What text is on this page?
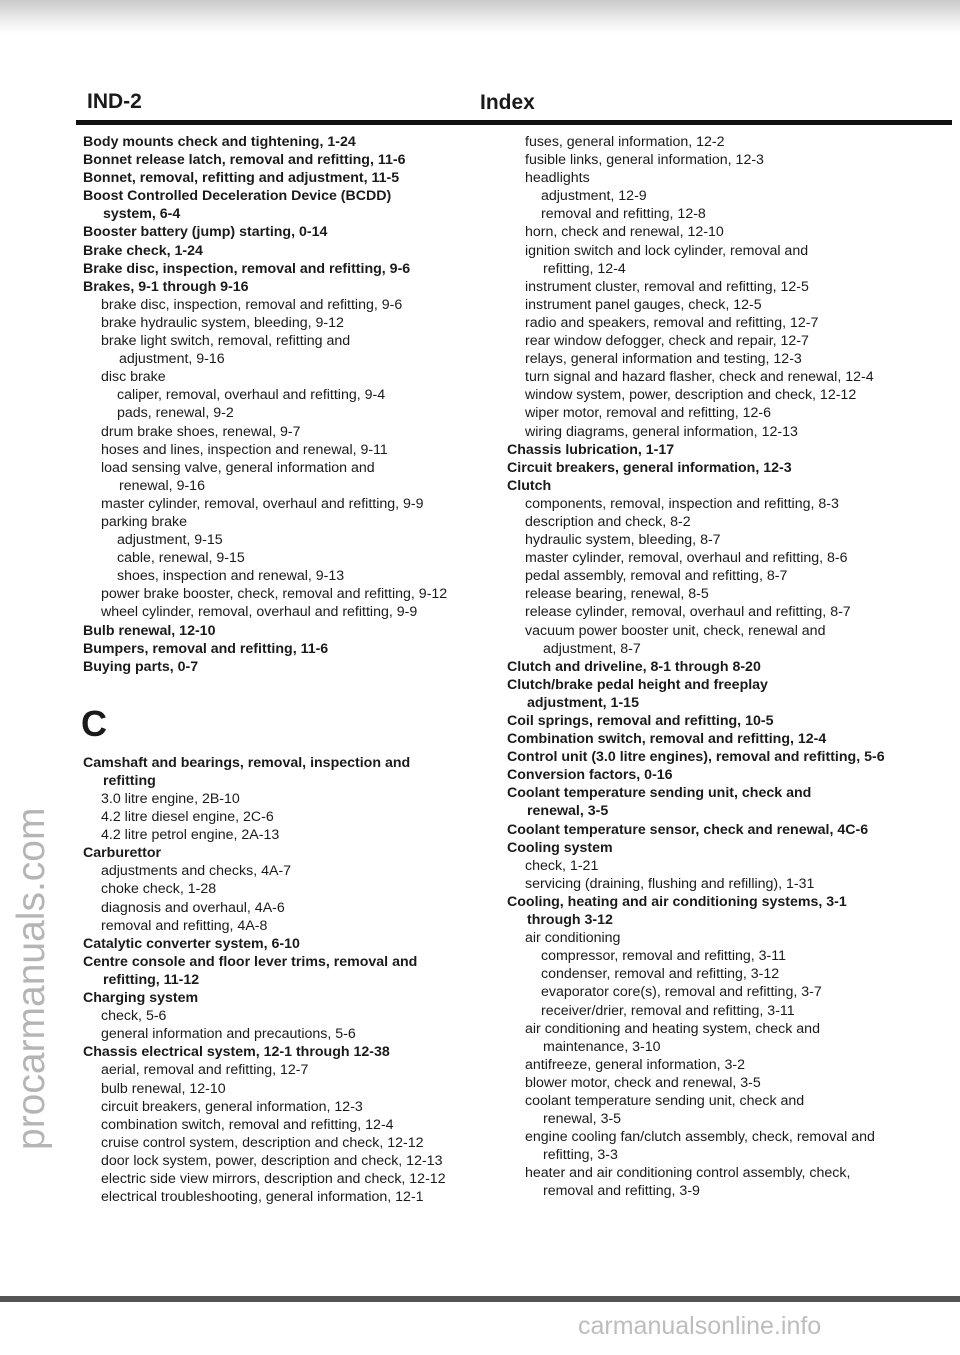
IND-2	Index
Body mounts check and tightening, 1-24
Bonnet release latch, removal and refitting, 11-6
Bonnet, removal, refitting and adjustment, 11-5
Boost Controlled Deceleration Device (BCDD)
system, 6-4
Booster battery (jump) starting, 0-14
Brake check, 1-24
Brake disc, inspection, removal and refitting, 9-6
Brakes, 9-1 through 9-16
brake disc, inspection, removal and refitting, 9-6
brake hydraulic system, bleeding, 9-12
brake light switch, removal, refitting and
adjustment, 9-16
disc brake
caliper, removal, overhaul and refitting, 9-4
pads, renewal, 9-2
drum brake shoes, renewal, 9-7
hoses and lines, inspection and renewal, 9-11
load sensing valve, general information and
renewal, 9-16
master cylinder, removal, overhaul and refitting, 9-9
parking brake
adjustment, 9-15
cable, renewal, 9-15
shoes, inspection and renewal, 9-13
power brake booster, check, removal and refitting, 9-12
wheel cylinder, removal, overhaul and refitting, 9-9
Bulb renewal, 12-10
Bumpers, removal and refitting, 11-6
Buying parts, 0-7
C
Camshaft and bearings, removal, inspection and
refitting
3.0 litre engine, 2B-10
4.2 litre diesel engine, 2C-6
4.2 litre petrol engine, 2A-13
Carburettor
adjustments and checks, 4A-7
choke check, 1-28
diagnosis and overhaul, 4A-6
removal and refitting, 4A-8
Catalytic converter system, 6-10
Centre console and floor lever trims, removal and
refitting, 11-12
Charging system
check, 5-6
general information and precautions, 5-6
Chassis electrical system, 12-1 through 12-38
aerial, removal and refitting, 12-7
bulb renewal, 12-10
circuit breakers, general information, 12-3
combination switch, removal and refitting, 12-4
cruise control system, description and check, 12-12
door lock system, power, description and check, 12-13
electric side view mirrors, description and check, 12-12
electrical troubleshooting, general information, 12-1
fuses, general information, 12-2
fusible links, general information, 12-3
headlights
adjustment, 12-9
removal and refitting, 12-8
horn, check and renewal, 12-10
ignition switch and lock cylinder, removal and
refitting, 12-4
instrument cluster, removal and refitting, 12-5
instrument panel gauges, check, 12-5
radio and speakers, removal and refitting, 12-7
rear window defogger, check and repair, 12-7
relays, general information and testing, 12-3
turn signal and hazard flasher, check and renewal, 12-4
window system, power, description and check, 12-12
wiper motor, removal and refitting, 12-6
wiring diagrams, general information, 12-13
Chassis lubrication, 1-17
Circuit breakers, general information, 12-3
Clutch
components, removal, inspection and refitting, 8-3
description and check, 8-2
hydraulic system, bleeding, 8-7
master cylinder, removal, overhaul and refitting, 8-6
pedal assembly, removal and refitting, 8-7
release bearing, renewal, 8-5
release cylinder, removal, overhaul and refitting, 8-7
vacuum power booster unit, check, renewal and
adjustment, 8-7
Clutch and driveline, 8-1 through 8-20
Clutch/brake pedal height and freeplay
adjustment, 1-15
Coil springs, removal and refitting, 10-5
Combination switch, removal and refitting, 12-4
Control unit (3.0 litre engines), removal and refitting, 5-6
Conversion factors, 0-16
Coolant temperature sending unit, check and
renewal, 3-5
Coolant temperature sensor, check and renewal, 4C-6
Cooling system
check, 1-21
servicing (draining, flushing and refilling), 1-31
Cooling, heating and air conditioning systems, 3-1
through 3-12
air conditioning
compressor, removal and refitting, 3-11
condenser, removal and refitting, 3-12
evaporator core(s), removal and refitting, 3-7
receiver/drier, removal and refitting, 3-11
air conditioning and heating system, check and
maintenance, 3-10
antifreeze, general information, 3-2
blower motor, check and renewal, 3-5
coolant temperature sending unit, check and
renewal, 3-5
engine cooling fan/clutch assembly, check, removal and
refitting, 3-3
heater and air conditioning control assembly, check,
removal and refitting, 3-9
procarmanuals.com
carmanualsonline.info
